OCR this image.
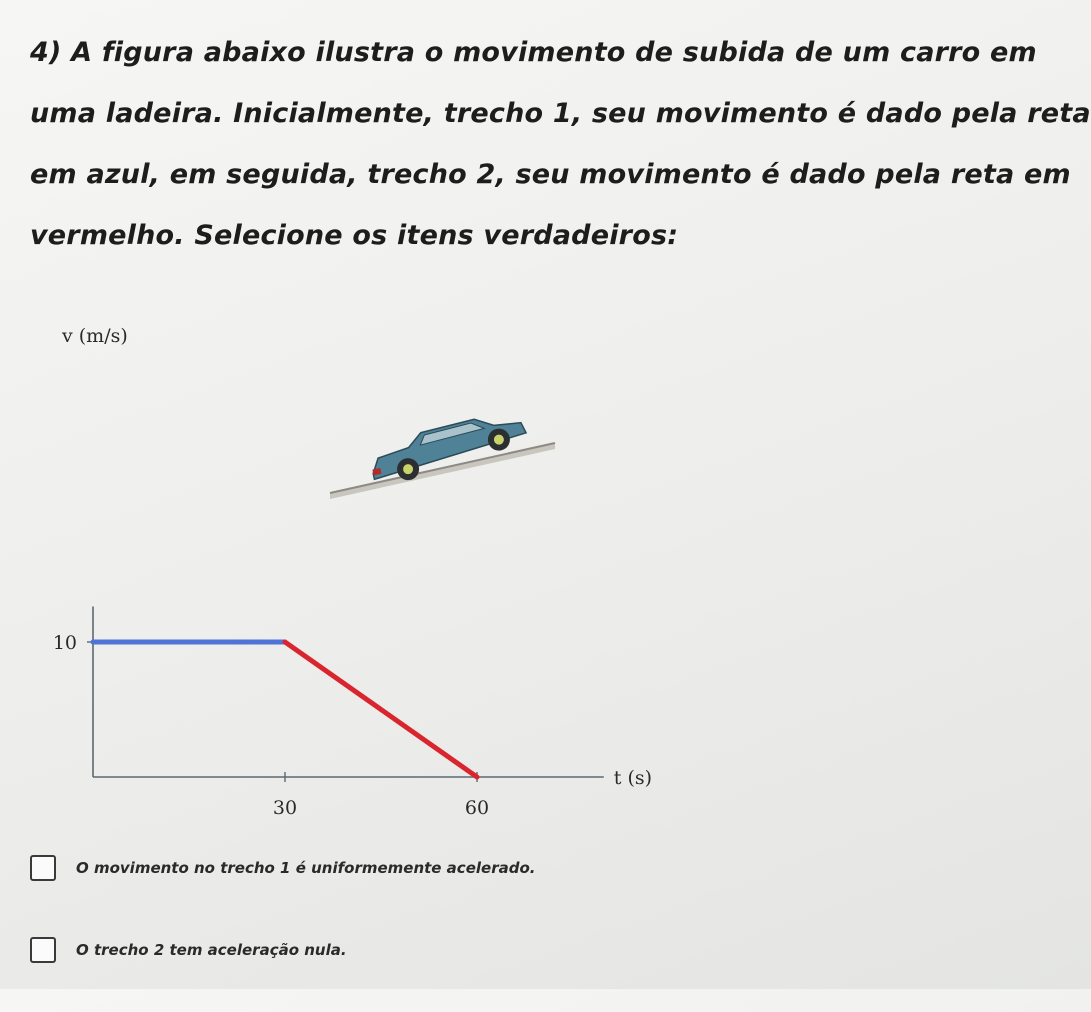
4) A figura abaixo ilustra o movimento de subida de um carro em
uma ladeira. Inicialmente, trecho 1, seu movimento é dado pela reta
em azul, em seguida, trecho 2, seu movimento é dado pela reta em
vermelho. Selecione os itens verdadeiros:
30	60
10
v (m/s)
t (s)
O movimento no trecho 1 é uniformemente acelerado.
O trecho 2 tem aceleração nula.
